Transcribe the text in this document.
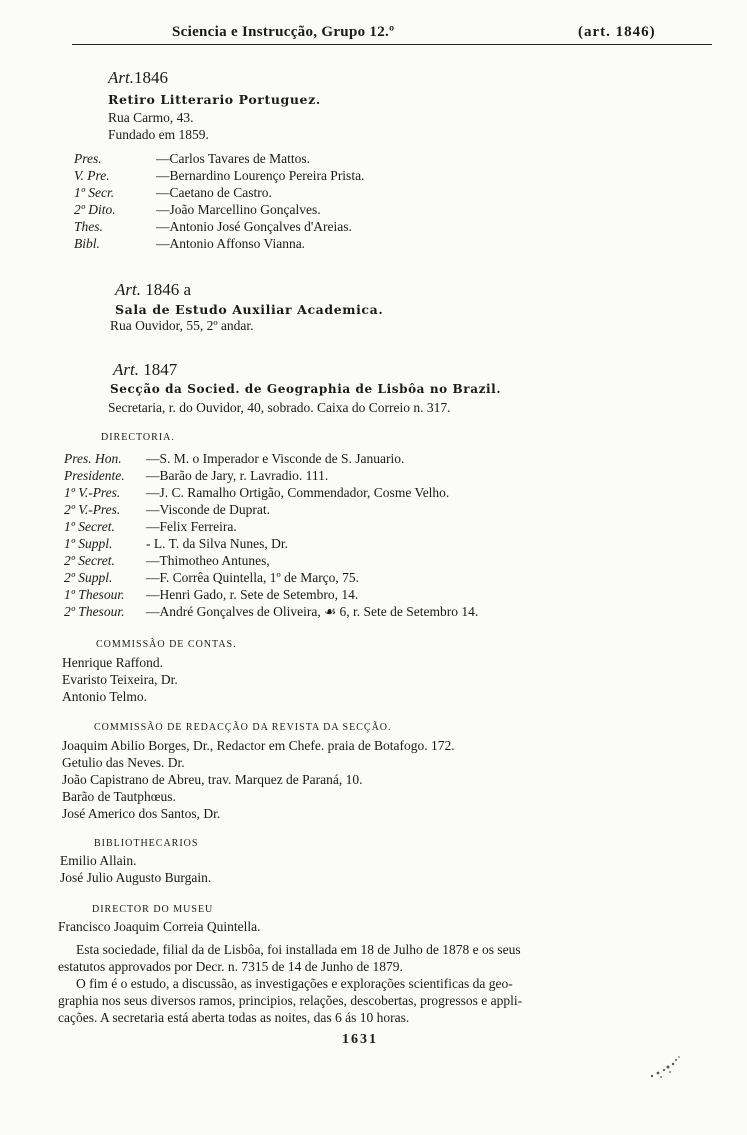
Sciencia e Instrucção, Grupo 12.º	(art. 1846)
Art.1846
Retiro Litterario Portuguez.
Rua Carmo, 43.
Fundado em 1859.
Pres.	—Carlos Tavares de Mattos.
V. Pre.	—Bernardino Lourenço Pereira Prista.
1º Secr.	—Caetano de Castro.
2º Dito.	—João Marcellino Gonçalves.
Thes.	—Antonio José Gonçalves d'Areias.
Bibl.	—Antonio Affonso Vianna.
Art. 1846 a
Sala de Estudo Auxiliar Academica.
Rua Ouvidor, 55, 2º andar.
Art. 1847
Secção da Socied. de Geographia de Lisbôa no Brazil.
Secretaria, r. do Ouvidor, 40, sobrado. Caixa do Correio n. 317.
DIRECTORIA.
Pres. Hon. —S. M. o Imperador e Visconde de S. Januario.
Presidente. —Barão de Jary, r. Lavradio. 111.
1º V.-Pres. —J. C. Ramalho Ortigão, Commendador, Cosme Velho.
2º V.-Pres. —Visconde de Duprat.
1º Secret. —Felix Ferreira.
1º Suppl. - L. T. da Silva Nunes, Dr.
2º Secret. —Thimotheo Antunes,
2º Suppl. —F. Corrêa Quintella, 1º de Março, 75.
1º Thesour. —Henri Gado, r. Sete de Setembro, 14.
2º Thesour. —André Gonçalves de Oliveira, ☙ 6, r. Sete de Setembro 14.
COMMISSÃO DE CONTAS.
Henrique Raffond.
Evaristo Teixeira, Dr.
Antonio Telmo.
COMMISSÃO DE REDACÇÃO DA REVISTA DA SECÇÃO.
Joaquim Abilio Borges, Dr., Redactor em Chefe. praia de Botafogo. 172.
Getulio das Neves. Dr.
João Capistrano de Abreu, trav. Marquez de Paraná, 10.
Barão de Tautphœus.
José Americo dos Santos, Dr.
BIBLIOTHECARIOS
Emilio Allain.
José Julio Augusto Burgain.
DIRECTOR DO MUSEU
Francisco Joaquim Correia Quintella.
Esta sociedade, filial da de Lisbôa, foi installada em 18 de Julho de 1878 e os seus
estatutos approvados por Decr. n. 7315 de 14 de Junho de 1879.
O fim é o estudo, a discussão, as investigações e explorações scientificas da geo-
graphia nos seus diversos ramos, principios, relações, descobertas, progressos e appli-
cações. A secretaria está aberta todas as noites, das 6 ás 10 horas.
1631
